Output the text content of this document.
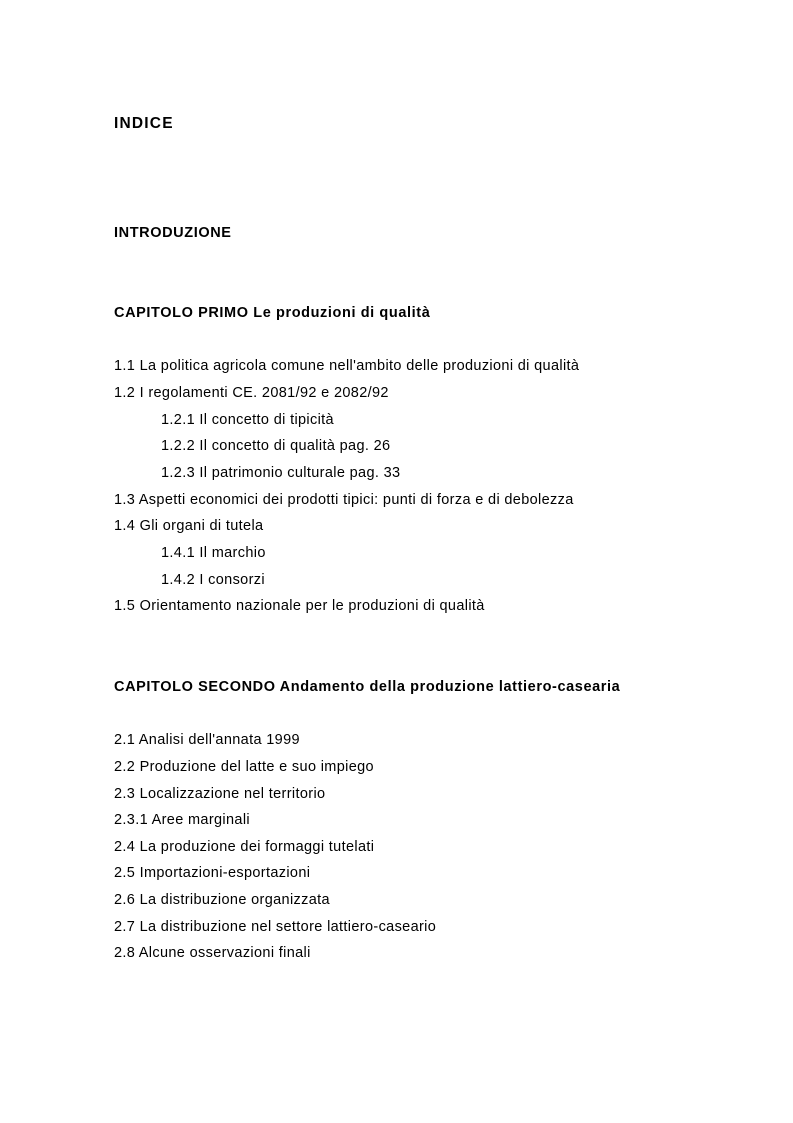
INDICE
INTRODUZIONE
CAPITOLO PRIMO Le produzioni di qualità
1.1 La politica agricola comune nell'ambito delle produzioni di qualità
1.2 I regolamenti CE. 2081/92 e 2082/92
1.2.1 Il concetto di tipicità
1.2.2 Il concetto di qualità pag. 26
1.2.3 Il patrimonio culturale pag. 33
1.3 Aspetti economici dei prodotti tipici: punti di forza e di debolezza
1.4 Gli organi di tutela
1.4.1 Il marchio
1.4.2 I consorzi
1.5 Orientamento nazionale per le produzioni di qualità
CAPITOLO SECONDO Andamento della produzione lattiero-casearia
2.1 Analisi dell'annata 1999
2.2 Produzione del latte e suo impiego
2.3 Localizzazione nel territorio
2.3.1 Aree marginali
2.4 La produzione dei formaggi tutelati
2.5 Importazioni-esportazioni
2.6 La distribuzione organizzata
2.7 La distribuzione nel settore lattiero-caseario
2.8 Alcune osservazioni finali
